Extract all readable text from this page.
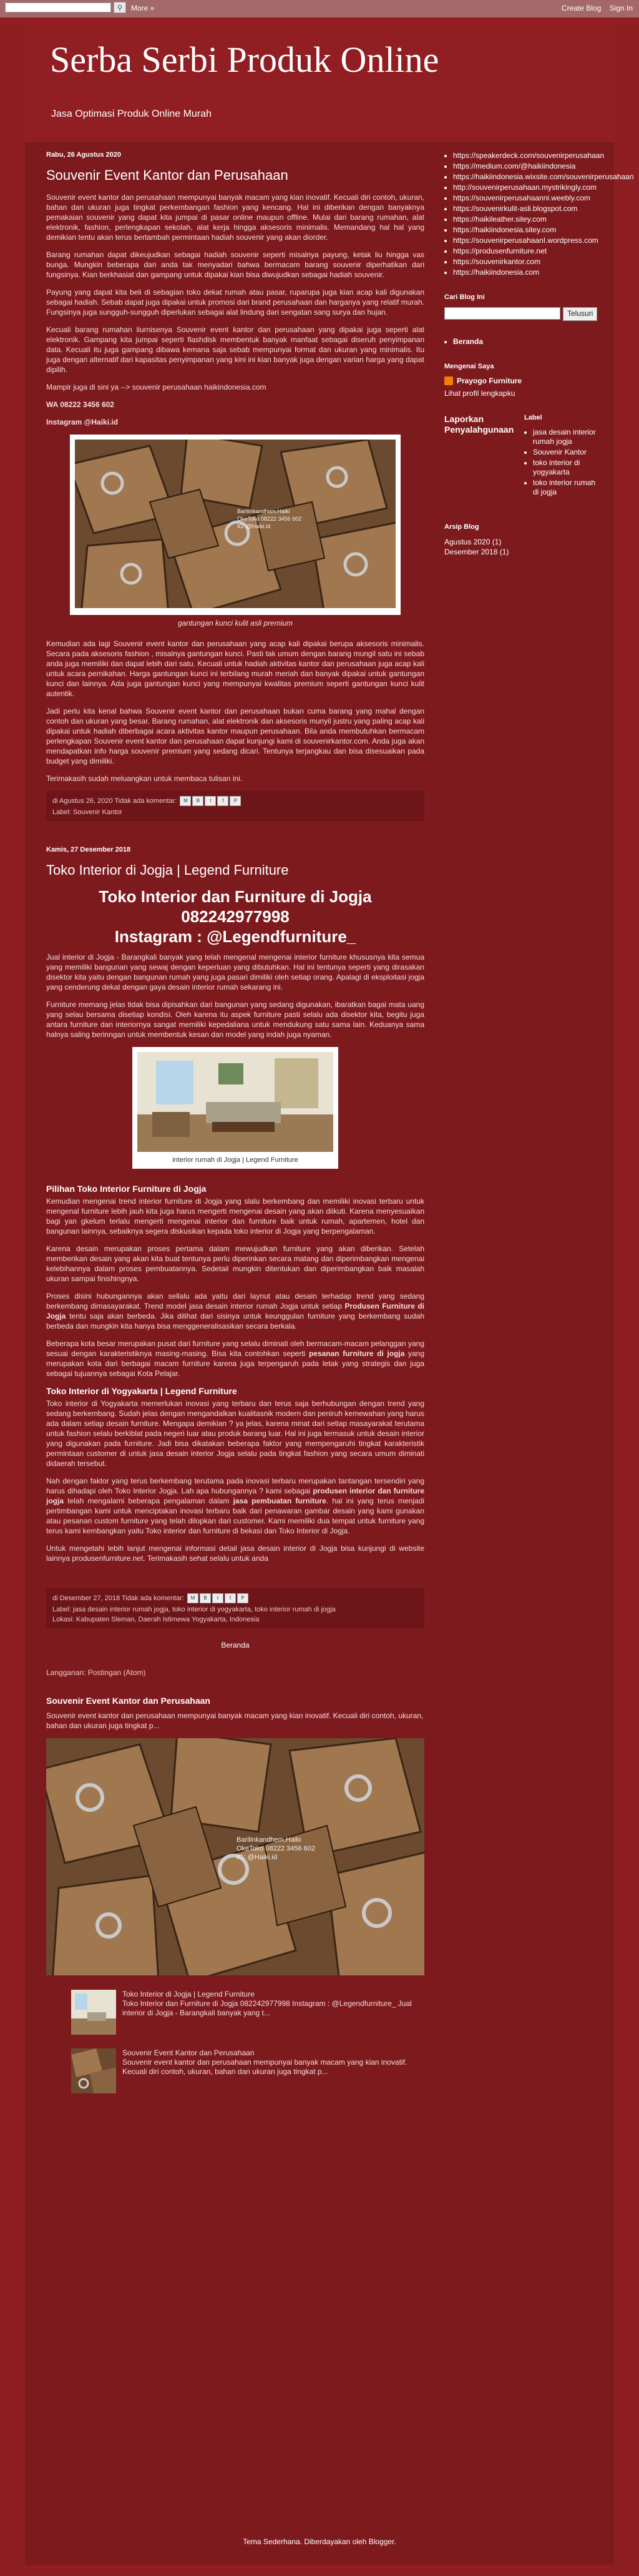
⚲ More »	Create Blog Sign In
Serba Serbi Produk Online
Jasa Optimasi Produk Online Murah
Rabu, 26 Agustus 2020
Souvenir Event Kantor dan Perusahaan

Souvenir event kantor dan perusahaan mempunyai banyak macam yang kian inovatif. Kecuali diri contoh, ukuran, bahan dan ukuran juga tingkat perkembangan fashion yang kencang. Hal ini diberikan dengan banyaknya pemakaian souvenir yang dapat kita jumpai di pasar online maupun offline. Mulai dari barang rumahan, alat elektronik, fashion, perlengkapan sekolah, alat kerja hingga aksesoris minimalis. Memandang hal hal yang demikian tentu akan terus bertambah permintaan hadiah souvenir yang akan diorder.

Barang rumahan dapat dikeujudkan sebagai hadiah souvenir seperti misalnya payung, ketak liu hingga vas bunga. Mungkin beberapa dari anda tak menyadari bahwa bermacam barang souvenir diperhatikan dari fungsinya. Kian berkhasiat dan gampang untuk dipakai kian bisa diwujudkan sebagai hadiah souvenir.

Payung yang dapat kita beli di sebagian toko dekat rumah atau pasar, ruparupa juga kian acap kali digunakan sebagai hadiah. Sebab dapat juga dipakai untuk promosi dari brand perusahaan dan harganya yang relatif murah. Fungsinya juga sungguh-sungguh diperlukan sebagai alat lindung dari sengatan sang surya dan hujan.

Kecuali barang rumahan liurnisenya Souvenir event kantor dan perusahaan yang dipakai juga seperti alat elektronik. Gampang kita jumpai seperti flashdisk membentuk banyak manfaat sebagai diseruh penyimpanan data. Kecuali itu juga gampang dibawa kemana saja sebab mempunyai format dan ukuran yang minimalis. Itu juga dengan alternatif dari kapasitas penyimpanan yang kini ini kian banyak juga dengan varian harga yang dapat dipilih.

Mampir juga di sini ya --> souvenir perusahaan haikindonesia.com

WA 08222 3456 602

Instagram @Haiki.id

Barilinkandhem.Haiki
OkeToko 08222 3456 602
IG: @Haiki.id
gantungan kunci kulit asli premium

Kemudian ada lagi Souvenir event kantor dan perusahaan yang acap kali dipakai berupa aksesoris minimalis. Secara pada aksesoris fashion , misalnya gantungan kunci. Pasti tak umum dengan barang mungil satu ini sebab anda juga memiliki dan dapat lebih dari satu. Kecuali untuk hadiah aktivitas kantor dan perusahaan juga acap kali untuk acara pernikahan. Harga gantungan kunci ini terbilang murah meriah dan banyak dipakai untuk gantungan kunci dan lainnya. Ada juga gantungan kunci yang mempunyai kwalitas premium seperti gantungan kunci kulit autentik.

Jadi perlu kita kenal bahwa Souvenir event kantor dan perusahaan bukan cuma barang yang mahal dengan contoh dan ukuran yang besar. Barang rumahan, alat elektronik dan aksesoris munyil justru yang paling acap kali dipakai untuk hadiah diberbagai acara aktivitas kantor maupun perusahaan. Bila anda membutuhkan bermacam perlengkapan Souvenir event kantor dan perusahaan dapat kunjungi kami di souvenirkantor.com. Anda juga akan mendapatkan info harga souvenir premium yang sedang dicari. Tentunya terjangkau dan bisa disesuaikan pada budget yang dimiliki.

Terimakasih sudah meluangkan untuk membaca tulisan ini.

di Agustus 26, 2020 Tidak ada komentar: M B t f P
Label: Souvenir Kantor
Kamis, 27 Desember 2018
Toko Interior di Jogja | Legend Furniture
Toko Interior dan Furniture di Jogja
082242977998
Instagram : @Legendfurniture_

Jual interior di Jogja - Barangkali banyak yang telah mengenal mengenai interior furniture khususnya kita semua yang memiliki bangunan yang sewaj dengan keperluan yang dibutuhkan. Hal ini tentunya seperti yang dirasakan disektor kita yaitu dengan bangunan rumah yang juga pasari dimiliki oleh setiap orang. Apalagi di eksploitasi jogja yang cenderung dekat dengan gaya desain interior rumah sekarang ini.

Furniture memang jelas tidak bisa dipisahkan dari bangunan yang sedang digunakan, ibaratkan bagai mata uang yang selau bersama disetiap kondisi. Oleh karena itu aspek furniture pasti selalu ada disektor kita, begitu juga antara furniture dan interiornya sangat memiliki kepedaliana untuk mendukung satu sama lain. Keduanya sama halnya saling berinngan untuk membentuk kesan dan model yang indah juga nyaman.

interior rumah di Jogja | Legend Furniture
Pilihan Toko Interior Furniture di Jogja

Kemudian mengenai trend interior furniture di Jogja yang slalu berkembang dan memiliki inovasi terbaru untuk mengenal furniture lebih jauh kita juga harus mengerti mengenai desain yang akan diikuti. Karena menyesuaikan bagi yan gkelum terlalu mengerti mengenai interior dan furniture baik untuk rumah, apartemen, hotel dan bangunan lainnya, sebaiknya segera diskusikan kepada toko interior di Jogja yang berpengalaman.

Karena desain merupakan proses pertama dalam mewujudkan furniture yang akan diberikan. Setelah memberikan desain yang akan kita buat tentunya perlu diperinkan secara matang dan diperimbangkan mengenai kelebihannya dalam proses pembuatannya. Sedetail mungkin ditentukan dan diperimbangkan baik masalah ukuran sampai finishingnya.

Proses disini hubungannya akan sellalu ada yaitu dari laynut atau desain terhadap trend yang sedang berkembang dimasayarakat. Trend model jasa desain interior rumah Jogja untuk setiap Produsen Furniture di Jogja tentu saja akan berbeda. Jika dilihat dari sisinya untuk keunggulan furniture yang berkembang sudah berbeda dan mungkin kita hanya bisa menggeneralisasikan secara berkala.

Beberapa kota besar merupakan pusat dari furniture yang selalu diminati oleh bermacam-macam pelanggan yang sesuai dengan karakteristiknya masing-masing. Bisa kita contohkan seperti pesanan furniture di jogja yang merupakan kota dari berbagai macam furniture karena juga terpengaruh pada letak yang strategis dan juga sebagai tujuannya sebagai Kota Pelajar.

Toko Interior di Yogyakarta | Legend Furniture

Toko interior di Yogyakarta memerlukan inovasi yang terbaru dan terus saja berhubungan dengan trend yang sedang berkembang. Sudah jelas dengan mengandalkan kualitasnik modern dan peniruh kemewahan yang harus ada dalam setiap desain furniture. Mengapa demikian ? ya jelas, karena minat dari setiap masayarakat terutama untuk fashion selalu berkiblat pada negeri luar atau produk barang luar. Hal ini juga termasuk untuk desain interior yang digunakan pada furniture. Jadi bisa dikatakan beberapa faktor yang mempengaruhi tingkat karakteristik permintaan customer di untuk jasa desain interior Jogja selalu pada tingkat fashion yang secara umum diminati didaerah tersebut.

Nah dengan faktor yang terus berkembang terutama pada inovasi terbaru merupakan tantangan tersendiri yang harus dihadapi oleh Toko Interior Jogja. Lah apa hubungannya ? kami sebagai produsen interior dan furniture jogja telah mengalami beberapa pengalaman dalam jasa pembuatan furniture. hal ini yang terus menjadi pertimbangan kami untuk menciptakan inovasi terbaru baik dari penawaran gambar desain yang kami gunakan atau pesanan custom furniture yang telah dilopkan dari customer. Kami memiliki dua tempat untuk furniture yang terus kami kembangkan yaitu Toko interior dan furniture di bekasi dan Toko Interior di Jogja.

Untuk mengetahi lebih lanjut mengenai informasi detail jasa desain interior di Jogja bisa kunjungi di website lainnya produsenfurniture.net. Terimakasih sehat selalu untuk anda

di Desember 27, 2018 Tidak ada komentar: M B t f P
Label: jasa desain interior rumah jogja, toko interior di yogyakarta, toko interior rumah di jogja
Lokasi: Kabupaten Sleman, Daerah Istimewa Yogyakarta, Indonesia
Beranda
Langganan: Postingan (Atom)
Souvenir Event Kantor dan Perusahaan
Souvenir event kantor dan perusahaan mempunyai banyak macam yang kian inovatif. Kecuali diri contoh, ukuran, bahan dan ukuran juga tingkat p...
Barilinkandhem.Haiki
OkeToko 08222 3456 602
IG: @Haiki.id
Toko Interior di Jogja | Legend Furniture
Toko Interior dan Furniture di Jogja 082242977998 Instagram : @Legendfurniture_ Jual interior di Jogja - Barangkali banyak yang t...
Souvenir Event Kantor dan Perusahaan
Souvenir event kantor dan perusahaan mempunyai banyak macam yang kian inovatif. Kecuali diri contoh, ukuran, bahan dan ukuran juga tingkat p...
• https://speakerdeck.com/souvenirperusahaan
• https://medium.com/@haikiindonesia
• https://haikiindonesia.wixsite.com/souvenirperusahaan
• http://souvenirperusahaan.mystrikingly.com
• https://souvenirperusahaanni.weebly.com
• https://souvenirkulit-asli.blogspot.com
• https://haikileather.sitey.com
• https://haikiindonesia.sitey.com
• https://souvenirperusahaanI.wordpress.com
• https://produsenfurniture.net
• https://souvenirkantor.com
• https://haikiindonesia.com
Cari Blog Ini
Telusuri
• Beranda
Mengenai Saya
Prayogo Furniture
Lihat profil lengkapku
Laporkan Penyalahgunaan
Label
• jasa desain interior rumah jogja
• Souvenir Kantor
• toko interior di yogyakarta
• toko interior rumah di jogja
Arsip Blog
Agustus 2020 (1)
Desember 2018 (1)
Tema Sederhana. Diberdayakan oleh Blogger.
